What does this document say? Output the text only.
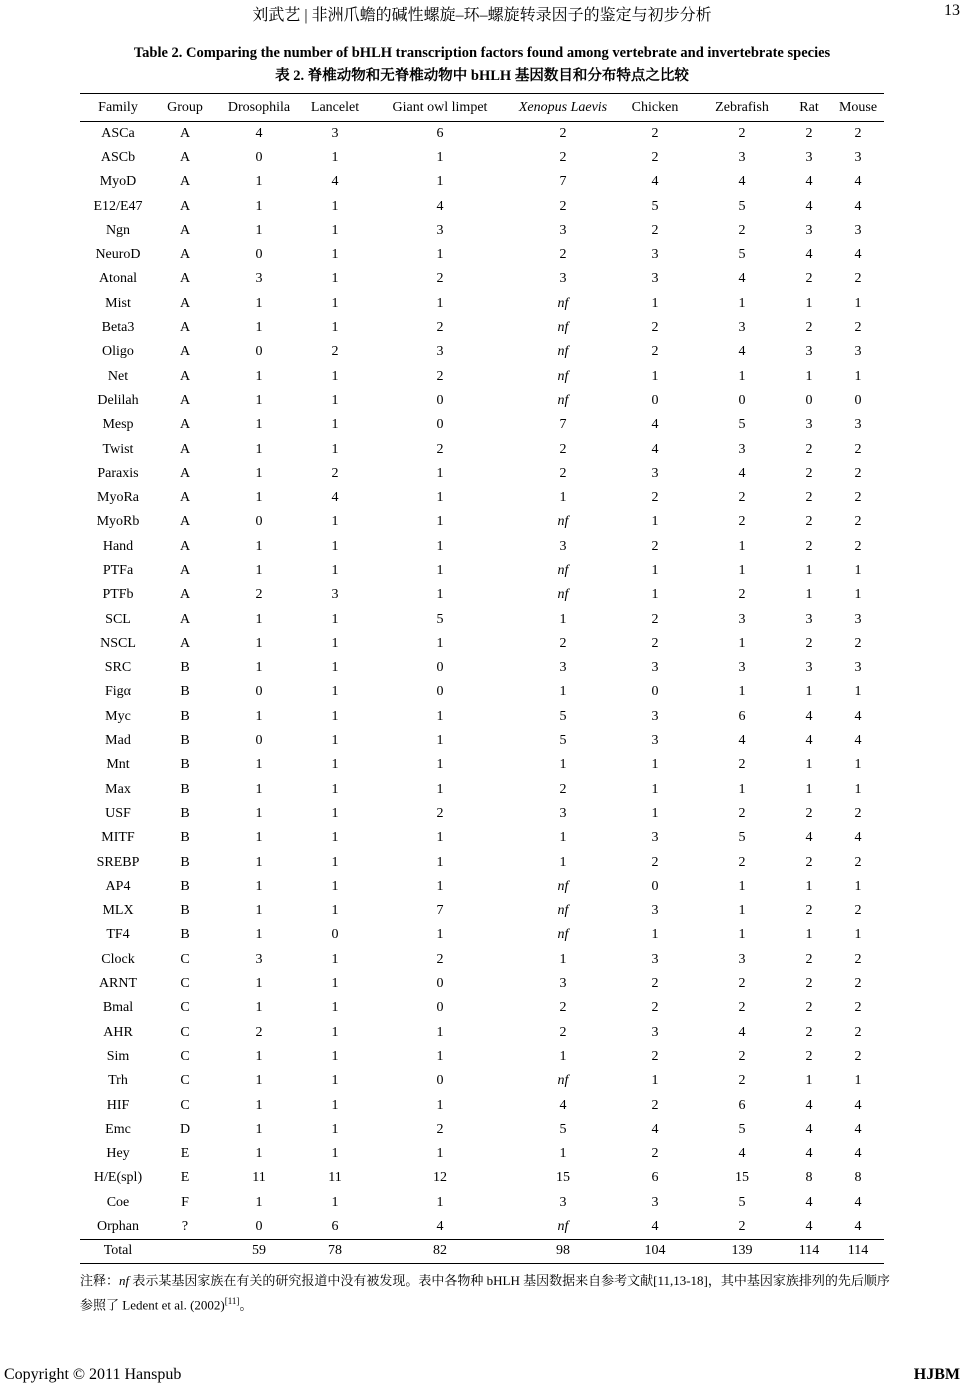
刘武艺 | 非洲爪蟾的碱性螺旋–环–螺旋转录因子的鉴定与初步分析	13
Table 2. Comparing the number of bHLH transcription factors found among vertebrate and invertebrate species
表 2. 脊椎动物和无脊椎动物中 bHLH 基因数目和分布特点之比较
Family	Group	Drosophila	Lancelet	Giant owl limpet	Xenopus Laevis	Chicken	Zebrafish	Rat	Mouse
ASCa	A	4	3	6	2	2	2	2	2
ASCb	A	0	1	1	2	2	3	3	3
MyoD	A	1	4	1	7	4	4	4	4
E12/E47	A	1	1	4	2	5	5	4	4
Ngn	A	1	1	3	3	2	2	3	3
NeuroD	A	0	1	1	2	3	5	4	4
Atonal	A	3	1	2	3	3	4	2	2
Mist	A	1	1	1	nf	1	1	1	1
Beta3	A	1	1	2	nf	2	3	2	2
Oligo	A	0	2	3	nf	2	4	3	3
Net	A	1	1	2	nf	1	1	1	1
Delilah	A	1	1	0	nf	0	0	0	0
Mesp	A	1	1	0	7	4	5	3	3
Twist	A	1	1	2	2	4	3	2	2
Paraxis	A	1	2	1	2	3	4	2	2
MyoRa	A	1	4	1	1	2	2	2	2
MyoRb	A	0	1	1	nf	1	2	2	2
Hand	A	1	1	1	3	2	1	2	2
PTFa	A	1	1	1	nf	1	1	1	1
PTFb	A	2	3	1	nf	1	2	1	1
SCL	A	1	1	5	1	2	3	3	3
NSCL	A	1	1	1	2	2	1	2	2
SRC	B	1	1	0	3	3	3	3	3
Figα	B	0	1	0	1	0	1	1	1
Myc	B	1	1	1	5	3	6	4	4
Mad	B	0	1	1	5	3	4	4	4
Mnt	B	1	1	1	1	1	2	1	1
Max	B	1	1	1	2	1	1	1	1
USF	B	1	1	2	3	1	2	2	2
MITF	B	1	1	1	1	3	5	4	4
SREBP	B	1	1	1	1	2	2	2	2
AP4	B	1	1	1	nf	0	1	1	1
MLX	B	1	1	7	nf	3	1	2	2
TF4	B	1	0	1	nf	1	1	1	1
Clock	C	3	1	2	1	3	3	2	2
ARNT	C	1	1	0	3	2	2	2	2
Bmal	C	1	1	0	2	2	2	2	2
AHR	C	2	1	1	2	3	4	2	2
Sim	C	1	1	1	1	2	2	2	2
Trh	C	1	1	0	nf	1	2	1	1
HIF	C	1	1	1	4	2	6	4	4
Emc	D	1	1	2	5	4	5	4	4
Hey	E	1	1	1	1	2	4	4	4
H/E(spl)	E	11	11	12	15	6	15	8	8
Coe	F	1	1	1	3	3	5	4	4
Orphan	?	0	6	4	nf	4	2	4	4
Total		59	78	82	98	104	139	114	114
注释：nf 表示某基因家族在有关的研究报道中没有被发现。表中各物种 bHLH 基因数据来自参考文献[11,13-18]，其中基因家族排列的先后顺序参照了 Ledent et al. (2002)[11]。
Copyright © 2011 Hanspub	HJBM
